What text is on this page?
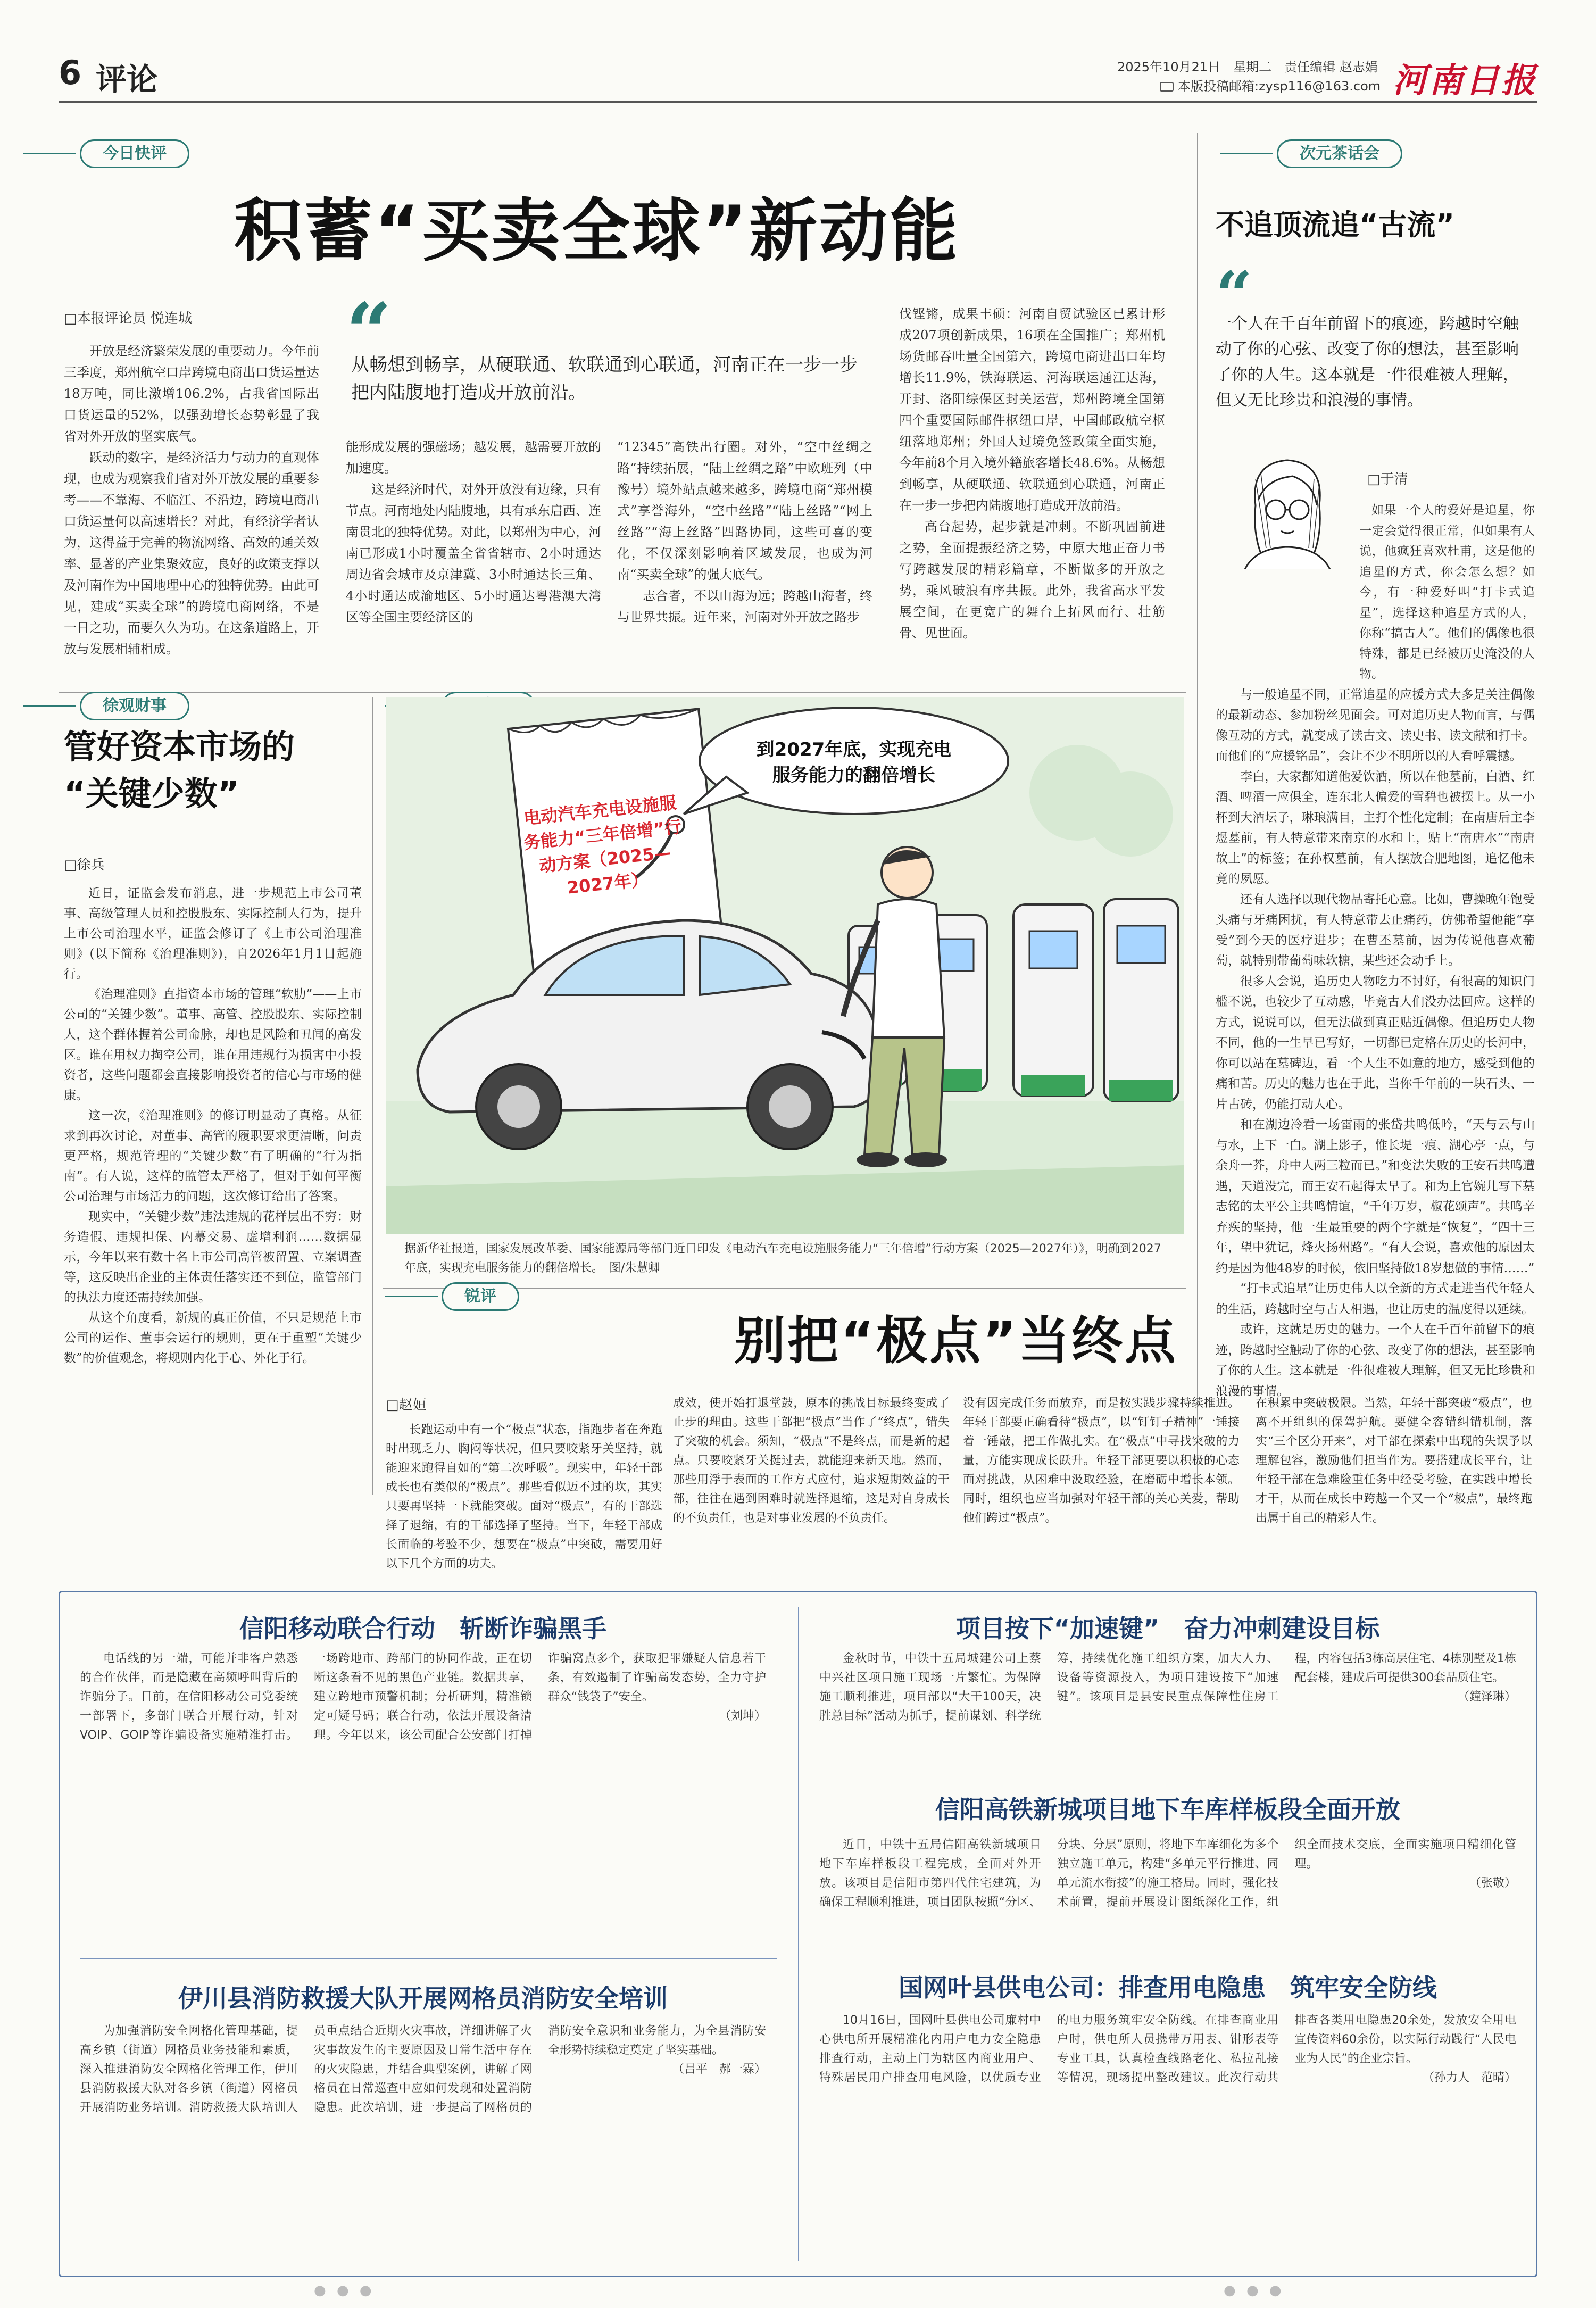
6 评论	2025年10月21日　星期二　责任编辑 赵志娟
本版投稿邮箱:zysp116@163.com 河南日报
今日快评
积蓄“买卖全球”新动能
□本报评论员 悦连城

开放是经济繁荣发展的重要动力。今年前三季度，郑州航空口岸跨境电商出口货运量达18万吨，同比激增106.2%，占我省国际出口货运量的52%，以强劲增长态势彰显了我省对外开放的坚实底气。

跃动的数字，是经济活力与动力的直观体现，也成为观察我们省对外开放发展的重要参考——不靠海、不临江、不沿边，跨境电商出口货运量何以高速增长？对此，有经济学者认为，这得益于完善的物流网络、高效的通关效率、显著的产业集聚效应，良好的政策支撑以及河南作为中国地理中心的独特优势。由此可见，建成“买卖全球”的跨境电商网络，不是一日之功，而要久久为功。在这条道路上，开放与发展相辅相成。

“
从畅想到畅享，从硬联通、软联通到心联通，河南正在一步一步把内陆腹地打造成开放前沿。

能形成发展的强磁场；越发展，越需要开放的加速度。

这是经济时代，对外开放没有边缘，只有节点。河南地处内陆腹地，具有承东启西、连南贯北的独特优势。对此，以郑州为中心，河南已形成1小时覆盖全省省辖市、2小时通达周边省会城市及京津冀、3小时通达长三角、4小时通达成渝地区、5小时通达粤港澳大湾区等全国主要经济区的

“12345”高铁出行圈。对外，“空中丝绸之路”持续拓展，“陆上丝绸之路”中欧班列（中豫号）境外站点越来越多，跨境电商“郑州模式”享誉海外，“空中丝路”“陆上丝路”“网上丝路”“海上丝路”四路协同，这些可喜的变化，不仅深刻影响着区域发展，也成为河南“买卖全球”的强大底气。

志合者，不以山海为远；跨越山海者，终与世界共振。近年来，河南对外开放之路步

伐铿锵，成果丰硕：河南自贸试验区已累计形成207项创新成果，16项在全国推广；郑州机场货邮吞吐量全国第六，跨境电商进出口年均增长11.9%，铁海联运、河海联运通江达海，开封、洛阳综保区封关运营，郑州跨境全国第四个重要国际邮件枢纽口岸，中国邮政航空枢纽落地郑州；外国人过境免签政策全面实施，今年前8个月入境外籍旅客增长48.6%。从畅想到畅享，从硬联通、软联通到心联通，河南正在一步一步把内陆腹地打造成开放前沿。

高台起势，起步就是冲刺。不断巩固前进之势，全面提振经济之势，中原大地正奋力书写跨越发展的精彩篇章，不断做多的开放之势，乘风破浪有序共振。此外，我省高水平发展空间，在更宽广的舞台上拓风而行、壮筋骨、见世面。

次元茶话会
不追顶流追“古流”
“
一个人在千百年前留下的痕迹，跨越时空触动了你的心弦、改变了你的想法，甚至影响了你的人生。这本就是一件很难被人理解，但又无比珍贵和浪漫的事情。
□于清

如果一个人的爱好是追星，你一定会觉得很正常，但如果有人说，他疯狂喜欢杜甫，这是他的追星的方式，你会怎么想？如今，有一种爱好叫“打卡式追星”，选择这种追星方式的人，你称“搞古人”。他们的偶像也很特殊，都是已经被历史淹没的人物。

与一般追星不同，正常追星的应援方式大多是关注偶像的最新动态、参加粉丝见面会。可对追历史人物而言，与偶像互动的方式，就变成了读古文、读史书、读文献和打卡。而他们的“应援铭品”，会让不少不明所以的人看呼震撼。

李白，大家都知道他爱饮酒，所以在他墓前，白酒、红酒、啤酒一应俱全，连东北人偏爱的雪碧也被摆上。从一小杯到大酒坛子，琳琅满目，主打个性化定制；在南唐后主李煜墓前，有人特意带来南京的水和土，贴上“南唐水”“南唐故土”的标签；在孙权墓前，有人摆放合肥地图，追忆他未竟的夙愿。

还有人选择以现代物品寄托心意。比如，曹操晚年饱受头痛与牙痛困扰，有人特意带去止痛药，仿佛希望他能“享受”到今天的医疗进步；在曹丕墓前，因为传说他喜欢葡萄，就特别带葡萄味软糖，某些还会动手上。

很多人会说，追历史人物吃力不讨好，有很高的知识门槛不说，也较少了互动感，毕竟古人们没办法回应。这样的方式，说说可以，但无法做到真正贴近偶像。但追历史人物不同，他的一生早已写好，一切都已定格在历史的长河中，你可以站在墓碑边，看一个人生不如意的地方，感受到他的痛和苦。历史的魅力也在于此，当你千年前的一块石头、一片古砖，仍能打动人心。

和在湖边冷看一场雷雨的张岱共鸣低吟，“天与云与山与水，上下一白。湖上影子，惟长堤一痕、湖心亭一点，与余舟一芥，舟中人两三粒而已。”和变法失败的王安石共鸣遭遇，天道没完，而王安石起得太早了。和为上官婉儿写下墓志铭的太平公主共鸣情谊，“千年万岁，椒花颂声”。共鸣辛弃疾的坚持，他一生最重要的两个字就是“恢复”，“四十三年，望中犹记，烽火扬州路”。“有人会说，喜欢他的原因太约是因为他48岁的时候，依旧坚持做18岁想做的事情……”

“打卡式追星”让历史伟人以全新的方式走进当代年轻人的生活，跨越时空与古人相遇，也让历史的温度得以延续。

或许，这就是历史的魅力。一个人在千百年前留下的痕迹，跨越时空触动了你的心弦、改变了你的想法，甚至影响了你的人生。这本就是一件很难被人理解，但又无比珍贵和浪漫的事情。

徐观财事
管好资本市场的
“关键少数”
□徐兵

近日，证监会发布消息，进一步规范上市公司董事、高级管理人员和控股股东、实际控制人行为，提升上市公司治理水平，证监会修订了《上市公司治理准则》(以下简称《治理准则》)，自2026年1月1日起施行。

《治理准则》直指资本市场的管理“软肋”——上市公司的“关键少数”。董事、高管、控股股东、实际控制人，这个群体握着公司命脉，却也是风险和丑闻的高发区。谁在用权力掏空公司，谁在用违规行为损害中小投资者，这些问题都会直接影响投资者的信心与市场的健康。

这一次，《治理准则》的修订明显动了真格。从征求到再次讨论，对董事、高管的履职要求更清晰，问责更严格，规范管理的“关键少数”有了明确的“行为指南”。有人说，这样的监管太严格了，但对于如何平衡公司治理与市场活力的问题，这次修订给出了答案。

现实中，“关键少数”违法违规的花样层出不穷：财务造假、违规担保、内幕交易、虚增利润……数据显示，今年以来有数十名上市公司高管被留置、立案调查等，这反映出企业的主体责任落实还不到位，监管部门的执法力度还需持续加强。

从这个角度看，新规的真正价值，不只是规范上市公司的运作、董事会运行的规则，更在于重塑“关键少数”的价值观念，将规则内化于心、外化于行。

电动汽车充电设施服务能力“三年倍增”行动方案（2025—2027年）
到2027年底，实现充电服务能力的翻倍增长
据新华社报道，国家发展改革委、国家能源局等部门近日印发《电动汽车充电设施服务能力“三年倍增”行动方案（2025—2027年）》，明确到2027年底，实现充电服务能力的翻倍增长。　图/朱慧卿
锐评
别把“极点”当终点
□赵姮
长跑运动中有一个“极点”状态，指跑步者在奔跑时出现乏力、胸闷等状况，但只要咬紧牙关坚持，就能迎来跑得自如的“第二次呼吸”。现实中，年轻干部成长也有类似的“极点”。那些看似迈不过的坎，其实只要再坚持一下就能突破。面对“极点”，有的干部选择了退缩，有的干部选择了坚持。当下，年轻干部成长面临的考验不少，想要在“极点”中突破，需要用好以下几个方面的功夫。
成效，使开始打退堂鼓，原本的挑战目标最终变成了止步的理由。这些干部把“极点”当作了“终点”，错失了突破的机会。须知，“极点”不是终点，而是新的起点。只要咬紧牙关挺过去，就能迎来新天地。然而，那些用浮于表面的工作方式应付，追求短期效益的干部，往往在遇到困难时就选择退缩，这是对自身成长的不负责任，也是对事业发展的不负责任。
没有因完成任务而放弃，而是按实践步骤持续推进。年轻干部要正确看待“极点”，以“钉钉子精神”一锤接着一锤敲，把工作做扎实。在“极点”中寻找突破的力量，方能实现成长跃升。年轻干部更要以积极的心态面对挑战，从困难中汲取经验，在磨砺中增长本领。同时，组织也应当加强对年轻干部的关心关爱，帮助他们跨过“极点”。
在积累中突破极限。当然，年轻干部突破“极点”，也离不开组织的保驾护航。要健全容错纠错机制，落实“三个区分开来”，对干部在探索中出现的失误予以理解包容，激励他们担当作为。要搭建成长平台，让年轻干部在急难险重任务中经受考验，在实践中增长才干，从而在成长中跨越一个又一个“极点”，最终跑出属于自己的精彩人生。
信阳移动联合行动　斩断诈骗黑手

电话线的另一端，可能并非客户熟悉的合作伙伴，而是隐藏在高频呼叫背后的诈骗分子。日前，在信阳移动公司党委统一部署下，多部门联合开展行动，针对VOIP、GOIP等诈骗设备实施精准打击。一场跨地市、跨部门的协同作战，正在切断这条看不见的黑色产业链。数据共享，建立跨地市预警机制；分析研判，精准锁定可疑号码；联合行动，依法开展设备清理。今年以来，该公司配合公安部门打掉诈骗窝点多个，获取犯罪嫌疑人信息若干条，有效遏制了诈骗高发态势，全力守护群众“钱袋子”安全。

（刘坤）

项目按下“加速键”　奋力冲刺建设目标

金秋时节，中铁十五局城建公司上蔡中兴社区项目施工现场一片繁忙。为保障施工顺利推进，项目部以“大干100天，决胜总目标”活动为抓手，提前谋划、科学统筹，持续优化施工组织方案，加大人力、设备等资源投入，为项目建设按下“加速键”。该项目是县安民重点保障性住房工程，内容包括3栋高层住宅、4栋别墅及1栋配套楼，建成后可提供300套品质住宅。

（鐘泽琳）

信阳高铁新城项目地下车库样板段全面开放

近日，中铁十五局信阳高铁新城项目地下车库样板段工程完成，全面对外开放。该项目是信阳市第四代住宅建筑，为确保工程顺利推进，项目团队按照“分区、分块、分层”原则，将地下车库细化为多个独立施工单元，构建“多单元平行推进、同单元流水衔接”的施工格局。同时，强化技术前置，提前开展设计图纸深化工作，组织全面技术交底，全面实施项目精细化管理。

（张敬）

国网叶县供电公司：排查用电隐患　筑牢安全防线

10月16日，国网叶县供电公司廉村中心供电所开展精准化内用户电力安全隐患排查行动，主动上门为辖区内商业用户、特殊居民用户排查用电风险，以优质专业的电力服务筑牢安全防线。在排查商业用户时，供电所人员携带万用表、钳形表等专业工具，认真检查线路老化、私拉乱接等情况，现场提出整改建议。此次行动共排查各类用电隐患20余处，发放安全用电宣传资料60余份，以实际行动践行“人民电业为人民”的企业宗旨。

（孙力人　范晴）

伊川县消防救援大队开展网格员消防安全培训

为加强消防安全网格化管理基础，提高乡镇（街道）网格员业务技能和素质，深入推进消防安全网格化管理工作，伊川县消防救援大队对各乡镇（街道）网格员开展消防业务培训。消防救援大队培训人员重点结合近期火灾事故，详细讲解了火灾事故发生的主要原因及日常生活中存在的火灾隐患，并结合典型案例，讲解了网格员在日常巡查中应如何发现和处置消防隐患。此次培训，进一步提高了网格员的消防安全意识和业务能力，为全县消防安全形势持续稳定奠定了坚实基础。

（吕平　郝一霖）

● ● ●	● ● ●
